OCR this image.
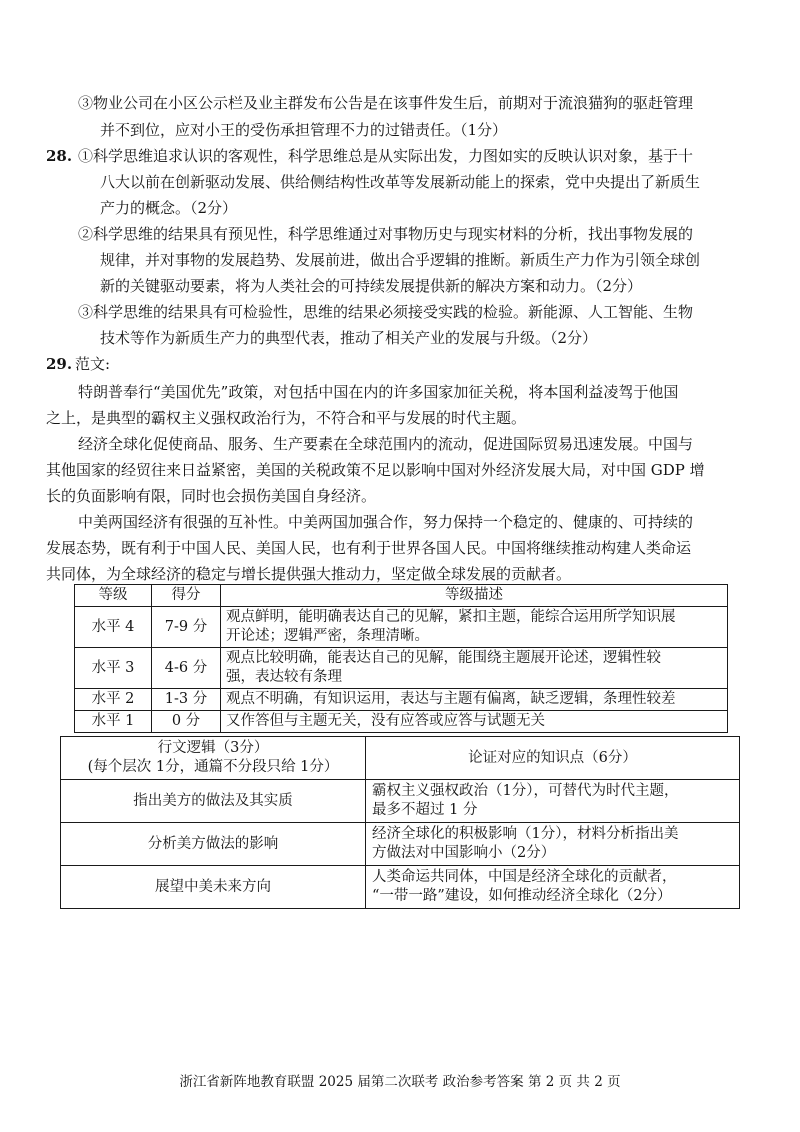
③物业公司在小区公示栏及业主群发布公告是在该事件发生后，前期对于流浪猫狗的驱赶管理
并不到位，应对小王的受伤承担管理不力的过错责任。（1分）
28. ①科学思维追求认识的客观性，科学思维总是从实际出发，力图如实的反映认识对象，基于十
八大以前在创新驱动发展、供给侧结构性改革等发展新动能上的探索，党中央提出了新质生
产力的概念。（2分）
②科学思维的结果具有预见性，科学思维通过对事物历史与现实材料的分析，找出事物发展的
规律，并对事物的发展趋势、发展前进，做出合乎逻辑的推断。新质生产力作为引领全球创
新的关键驱动要素，将为人类社会的可持续发展提供新的解决方案和动力。（2分）
③科学思维的结果具有可检验性，思维的结果必须接受实践的检验。新能源、人工智能、生物
技术等作为新质生产力的典型代表，推动了相关产业的发展与升级。（2分）
29. 范文:
特朗普奉行“美国优先”政策，对包括中国在内的许多国家加征关税，将本国利益凌驾于他国
之上，是典型的霸权主义强权政治行为，不符合和平与发展的时代主题。
经济全球化促使商品、服务、生产要素在全球范围内的流动，促进国际贸易迅速发展。中国与
其他国家的经贸往来日益紧密，美国的关税政策不足以影响中国对外经济发展大局，对中国 GDP 增
长的负面影响有限，同时也会损伤美国自身经济。
中美两国经济有很强的互补性。中美两国加强合作，努力保持一个稳定的、健康的、可持续的
发展态势，既有利于中国人民、美国人民，也有利于世界各国人民。中国将继续推动构建人类命运
共同体，为全球经济的稳定与增长提供强大推动力，坚定做全球发展的贡献者。
等级	得分	等级描述
水平 4	7-9 分	观点鲜明，能明确表达自己的见解，紧扣主题，能综合运用所学知识展
开论述；逻辑严密，条理清晰。

水平 3	4-6 分	观点比较明确，能表达自己的见解，能围绕主题展开论述，逻辑性较
强，表达较有条理

水平 2	1-3 分	观点不明确，有知识运用，表达与主题有偏离，缺乏逻辑，条理性较差
水平 1	0 分	又作答但与主题无关，没有应答或应答与试题无关
行文逻辑（3分）
(每个层次 1分，通篇不分段只给 1分）	论证对应的知识点（6分）
指出美方的做法及其实质	霸权主义强权政治（1分），可替代为时代主题，
最多不超过 1 分

分析美方做法的影响	经济全球化的积极影响（1分），材料分析指出美
方做法对中国影响小（2分）

展望中美未来方向	人类命运共同体，中国是经济全球化的贡献者，
“一带一路”建设，如何推动经济全球化（2分）
浙江省新阵地教育联盟 2025 届第二次联考 政治参考答案 第 2 页 共 2 页
